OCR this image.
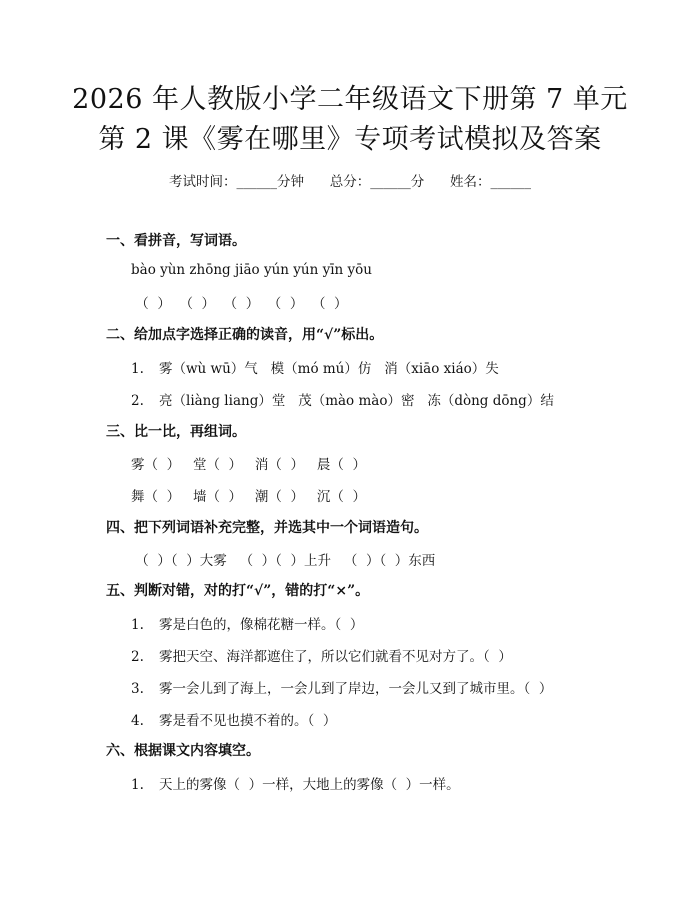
2026 年人教版小学二年级语文下册第 7 单元
第 2 课《雾在哪里》专项考试模拟及答案
考试时间：______分钟      总分：______分      姓名：______
一、看拼音，写词语。
bào yùn zhōng jiāo yún yún yīn yōu
（  ）  （  ）  （  ）  （  ）  （  ）
二、给加点字选择正确的读音，用“√”标出。
1. 雾（wù wū）气   模（mó mú）仿   消（xiāo xiáo）失
2. 亮（liàng liang）堂   茂（mào mào）密   冻（dòng dōng）结
三、比一比，再组词。
雾（  ）   堂（  ）   消（  ）   晨（  ）
舞（  ）   墙（  ）   潮（  ）   沉（  ）
四、把下列词语补充完整，并选其中一个词语造句。
（  ）（  ）大雾   （  ）（  ）上升   （  ）（  ）东西
五、判断对错，对的打“√”，错的打“×”。
1. 雾是白色的，像棉花糖一样。（  ）
2. 雾把天空、海洋都遮住了，所以它们就看不见对方了。（  ）
3. 雾一会儿到了海上，一会儿到了岸边，一会儿又到了城市里。（  ）
4. 雾是看不见也摸不着的。（  ）
六、根据课文内容填空。
1. 天上的雾像（  ）一样，大地上的雾像（  ）一样。
